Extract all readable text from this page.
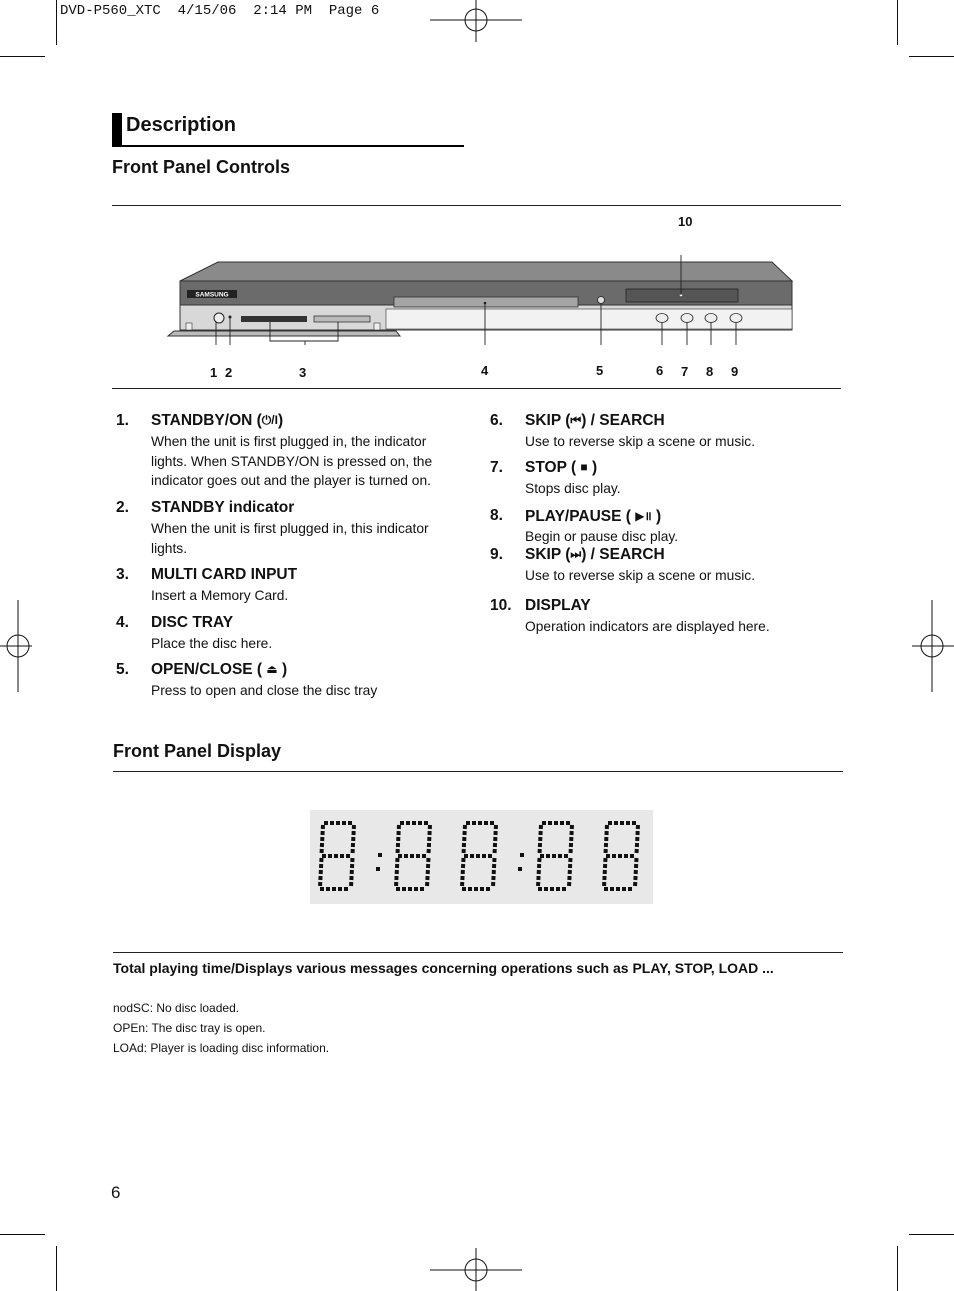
DVD-P560_XTC  4/15/06  2:14 PM  Page 6
Description
Front Panel Controls
SAMSUNG
1 2	3	4	5	6 7 8 9
10
1. STANDBY/ON (⏻/I)
When the unit is first plugged in, the indicator lights. When STANDBY/ON is pressed on, the indicator goes out and the player is turned on.
2. STANDBY indicator
When the unit is first plugged in, this indicator lights.
3. MULTI CARD INPUT
Insert a Memory Card.
4. DISC TRAY
Place the disc here.
5. OPEN/CLOSE ( ⏏ )
Press to open and close the disc tray
6. SKIP (⏮) / SEARCH
Use to reverse skip a scene or music.
7. STOP ( ■ )
Stops disc play.
8. PLAY/PAUSE ( ▶॥ )
Begin or pause disc play.
9. SKIP (⏭) / SEARCH
Use to reverse skip a scene or music.
10. DISPLAY
Operation indicators are displayed here.
Front Panel Display
Total playing time/Displays various messages concerning operations such as PLAY, STOP, LOAD ...
nodSC: No disc loaded.
OPEn: The disc tray is open.
LOAd: Player is loading disc information.
6
